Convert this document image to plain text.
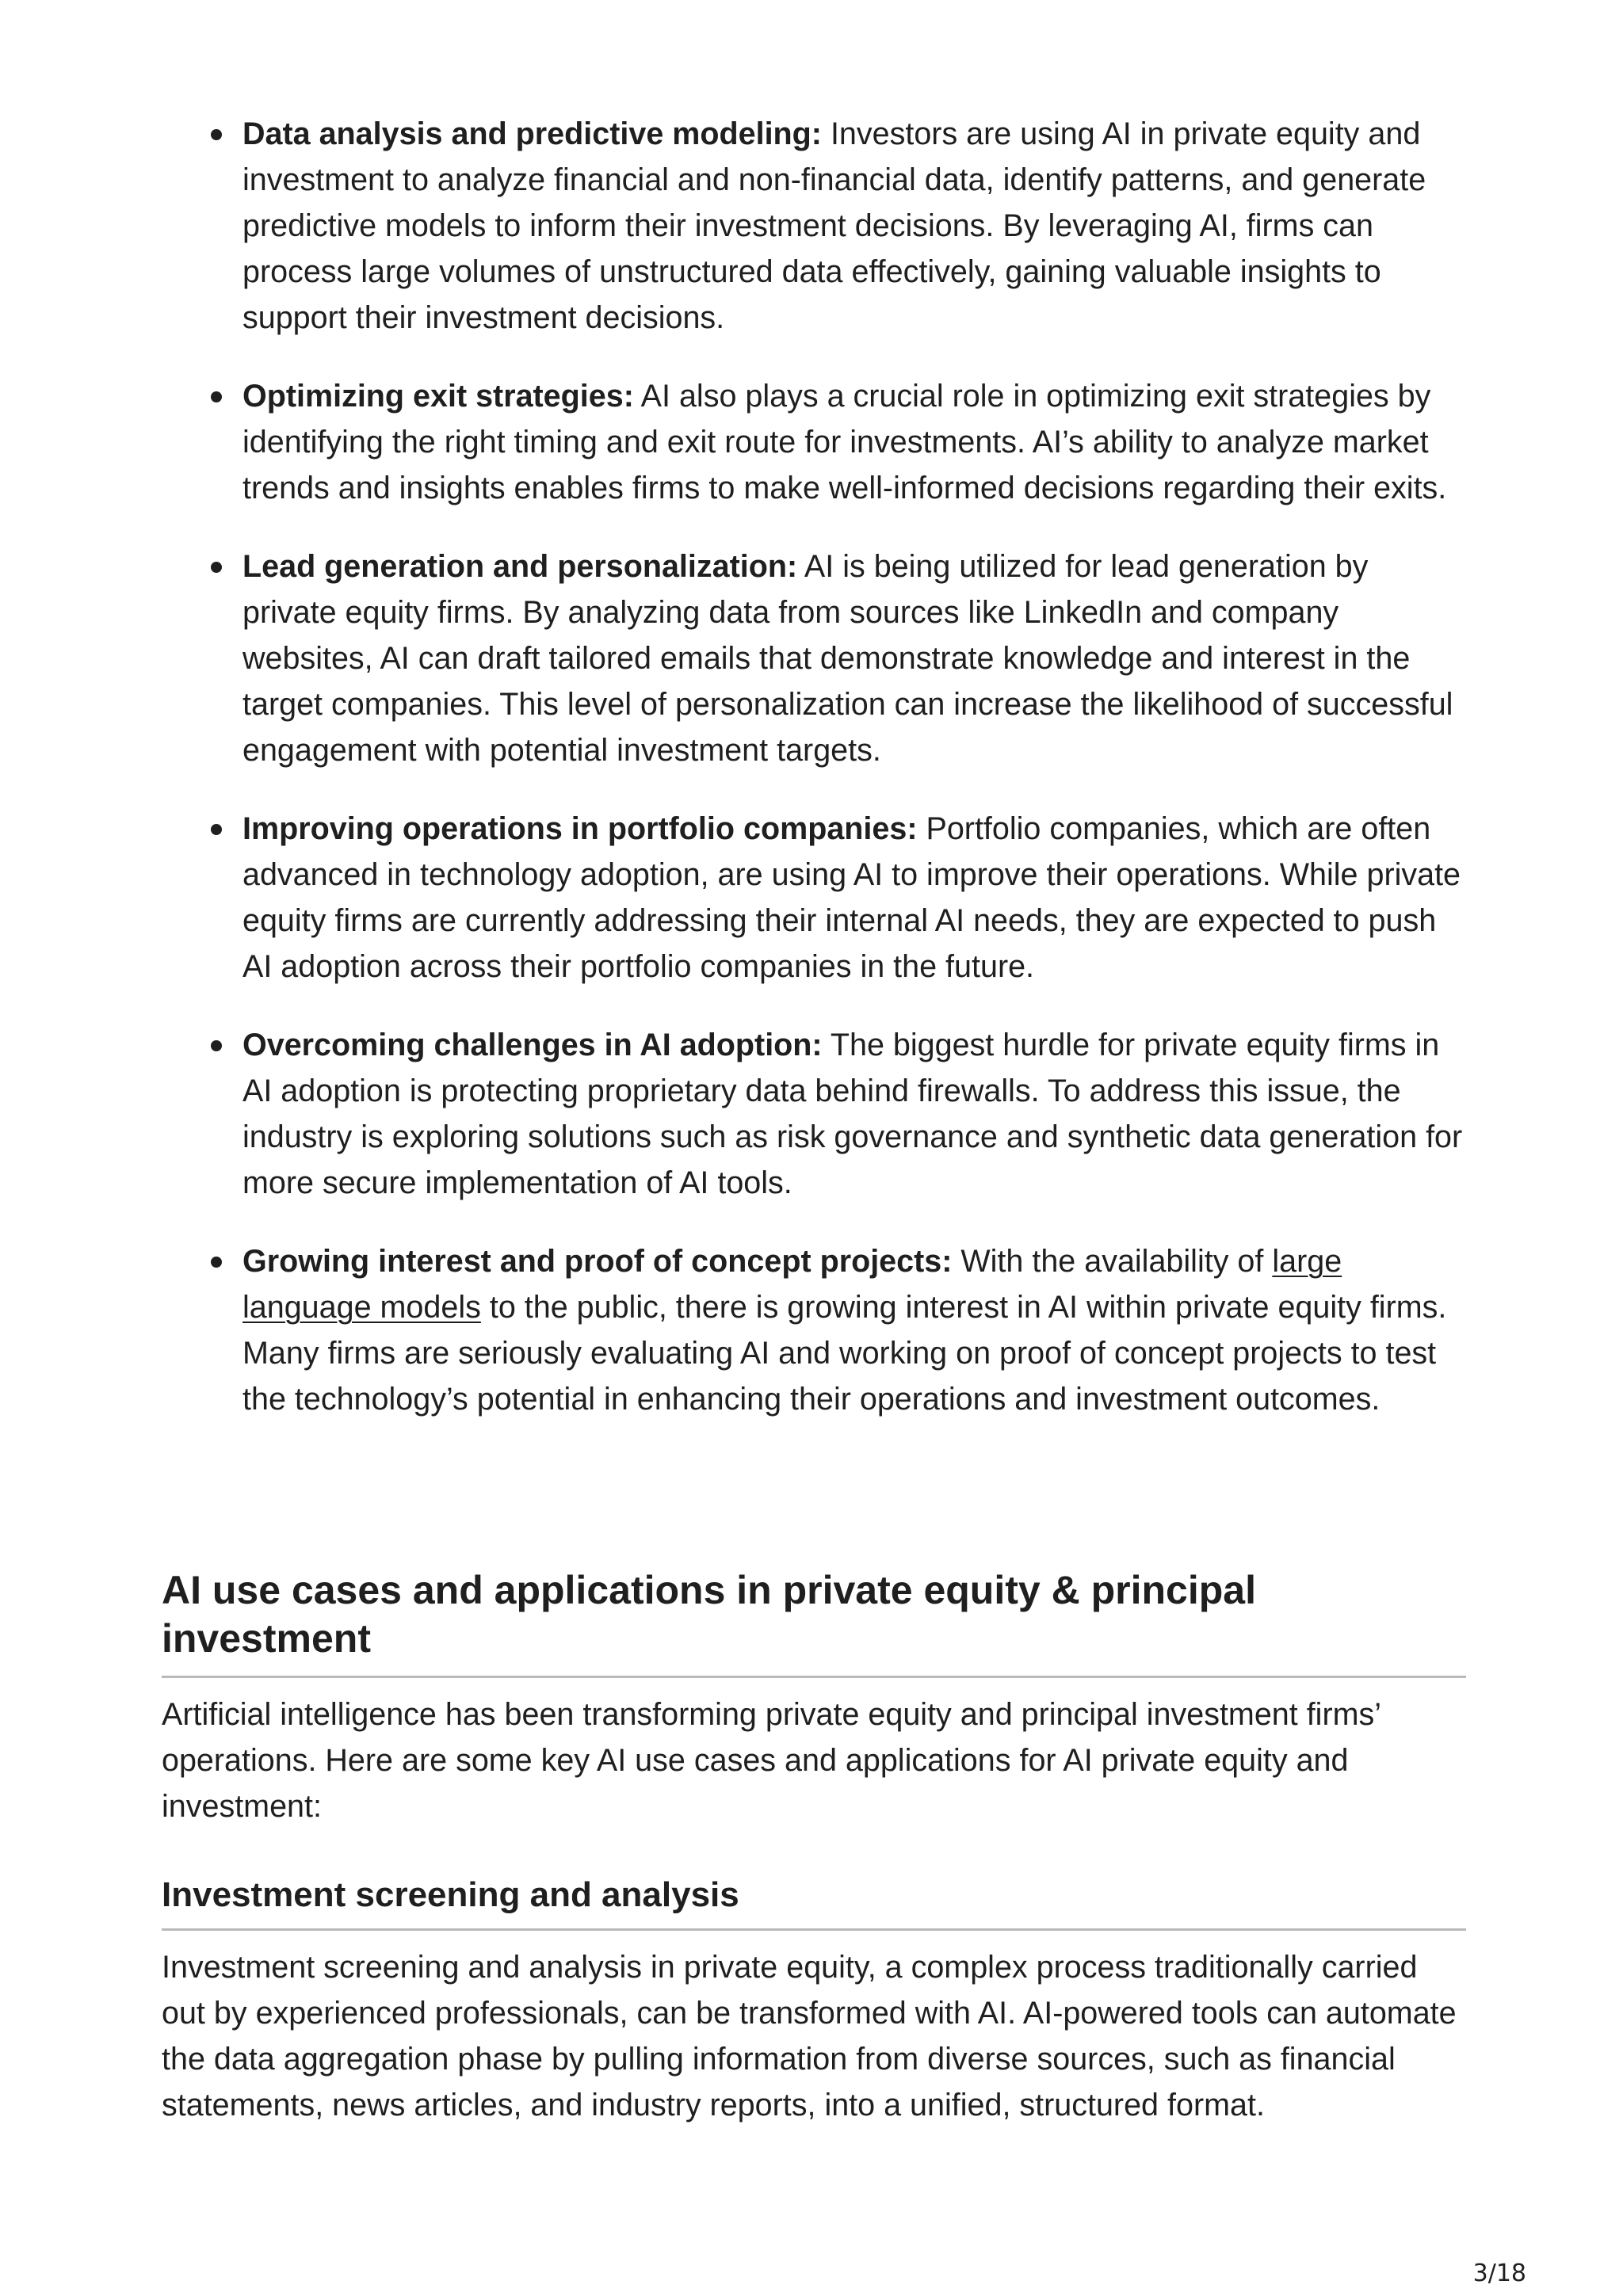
Data analysis and predictive modeling: Investors are using AI in private equity and investment to analyze financial and non-financial data, identify patterns, and generate predictive models to inform their investment decisions. By leveraging AI, firms can process large volumes of unstructured data effectively, gaining valuable insights to support their investment decisions.
Optimizing exit strategies: AI also plays a crucial role in optimizing exit strategies by identifying the right timing and exit route for investments. AI’s ability to analyze market trends and insights enables firms to make well-informed decisions regarding their exits.
Lead generation and personalization: AI is being utilized for lead generation by private equity firms. By analyzing data from sources like LinkedIn and company websites, AI can draft tailored emails that demonstrate knowledge and interest in the target companies. This level of personalization can increase the likelihood of successful engagement with potential investment targets.
Improving operations in portfolio companies: Portfolio companies, which are often advanced in technology adoption, are using AI to improve their operations. While private equity firms are currently addressing their internal AI needs, they are expected to push AI adoption across their portfolio companies in the future.
Overcoming challenges in AI adoption: The biggest hurdle for private equity firms in AI adoption is protecting proprietary data behind firewalls. To address this issue, the industry is exploring solutions such as risk governance and synthetic data generation for more secure implementation of AI tools.
Growing interest and proof of concept projects: With the availability of large language models to the public, there is growing interest in AI within private equity firms. Many firms are seriously evaluating AI and working on proof of concept projects to test the technology’s potential in enhancing their operations and investment outcomes.
AI use cases and applications in private equity & principal investment

Artificial intelligence has been transforming private equity and principal investment firms’ operations. Here are some key AI use cases and applications for AI private equity and investment:

Investment screening and analysis

Investment screening and analysis in private equity, a complex process traditionally carried out by experienced professionals, can be transformed with AI. AI-powered tools can automate the data aggregation phase by pulling information from diverse sources, such as financial statements, news articles, and industry reports, into a unified, structured format.

3/18
